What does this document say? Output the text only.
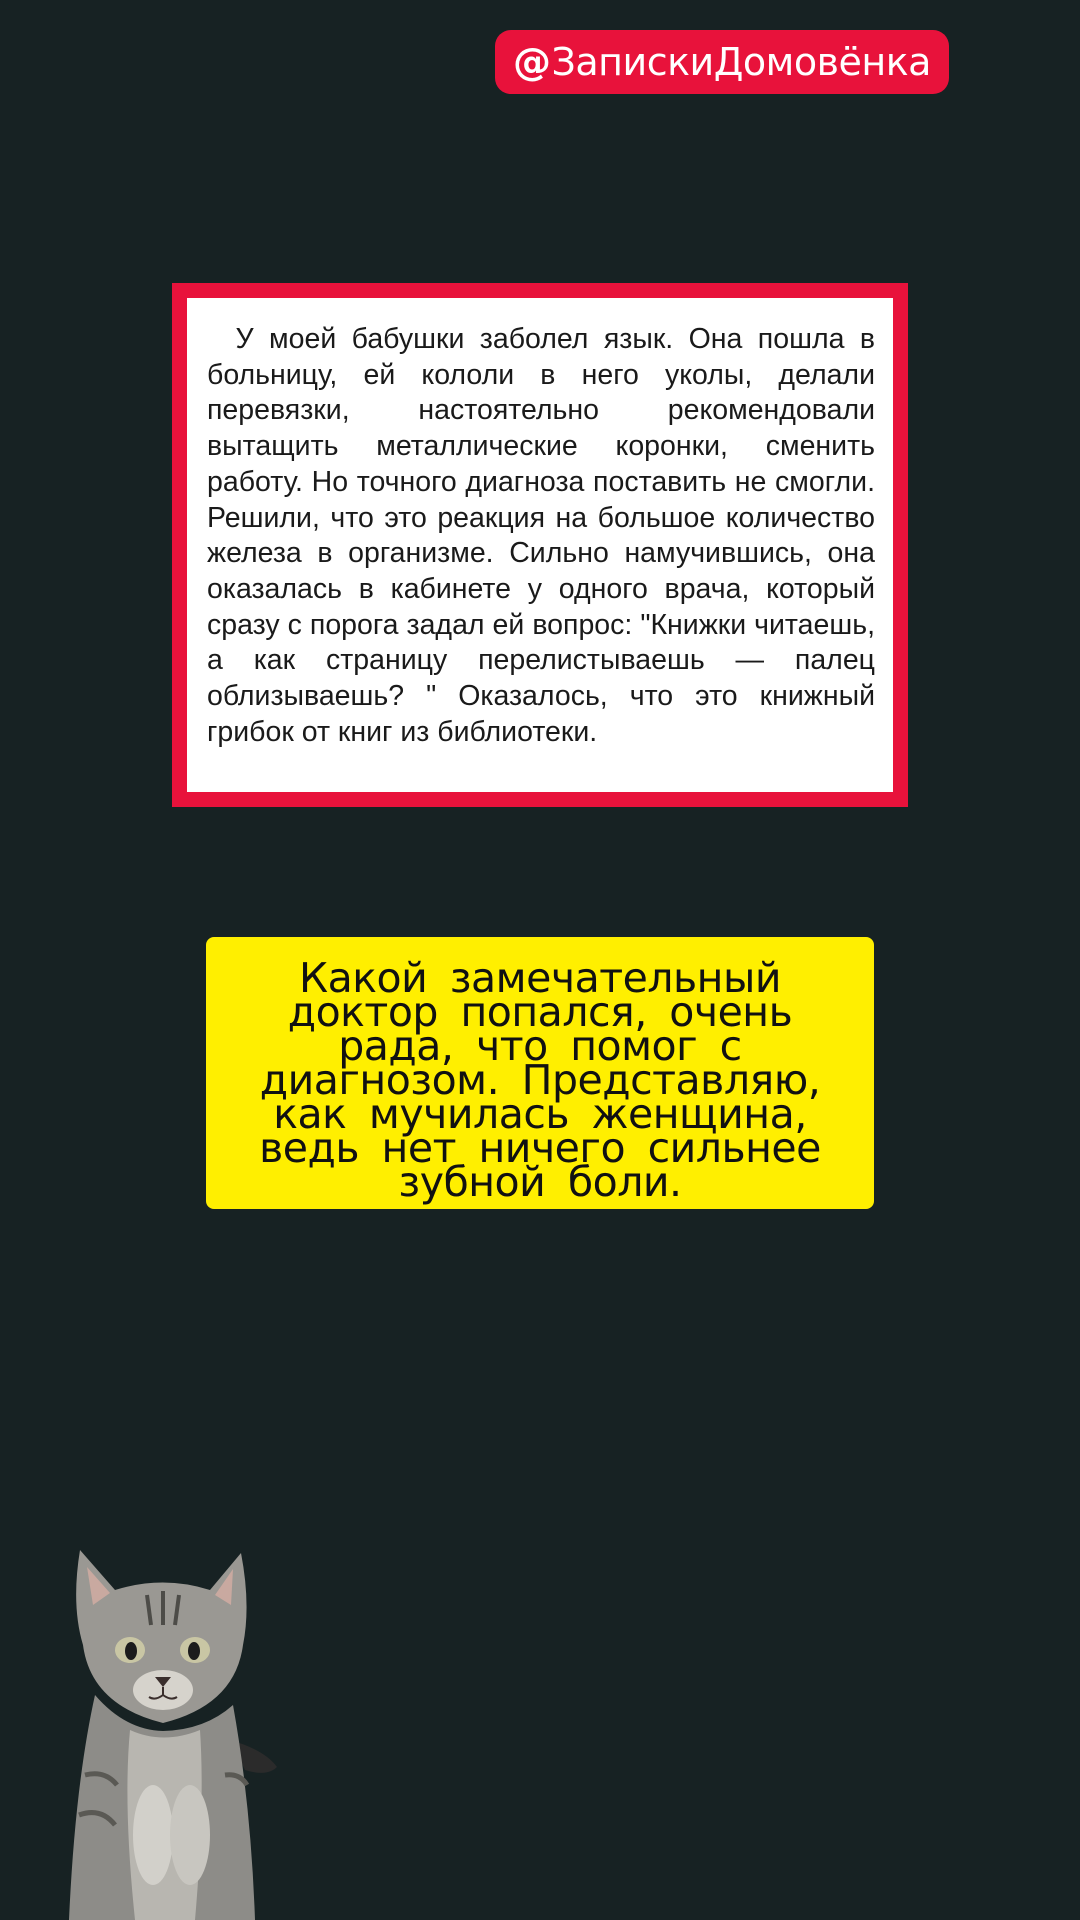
@ ЗапискиДомовёнка

У моей бабушки заболел язык. Она пошла в больницу, ей кололи в него уколы, делали перевязки, настоятельно рекомендовали вытащить металлические коронки, сменить работу. Но точного диагноза поставить не смогли. Решили, что это реакция на большое количество железа в организме. Сильно намучившись, она оказалась в кабинете у одного врача, который сразу с порога задал ей вопрос: "Книжки читаешь, а как страницу перелистываешь — палец облизываешь? " Оказалось, что это книжный грибок от книг из библиотеки.

Какой замечательный доктор попался, очень рада, что помог с диагнозом. Представляю, как мучилась женщина, ведь нет ничего сильнее зубной боли.
